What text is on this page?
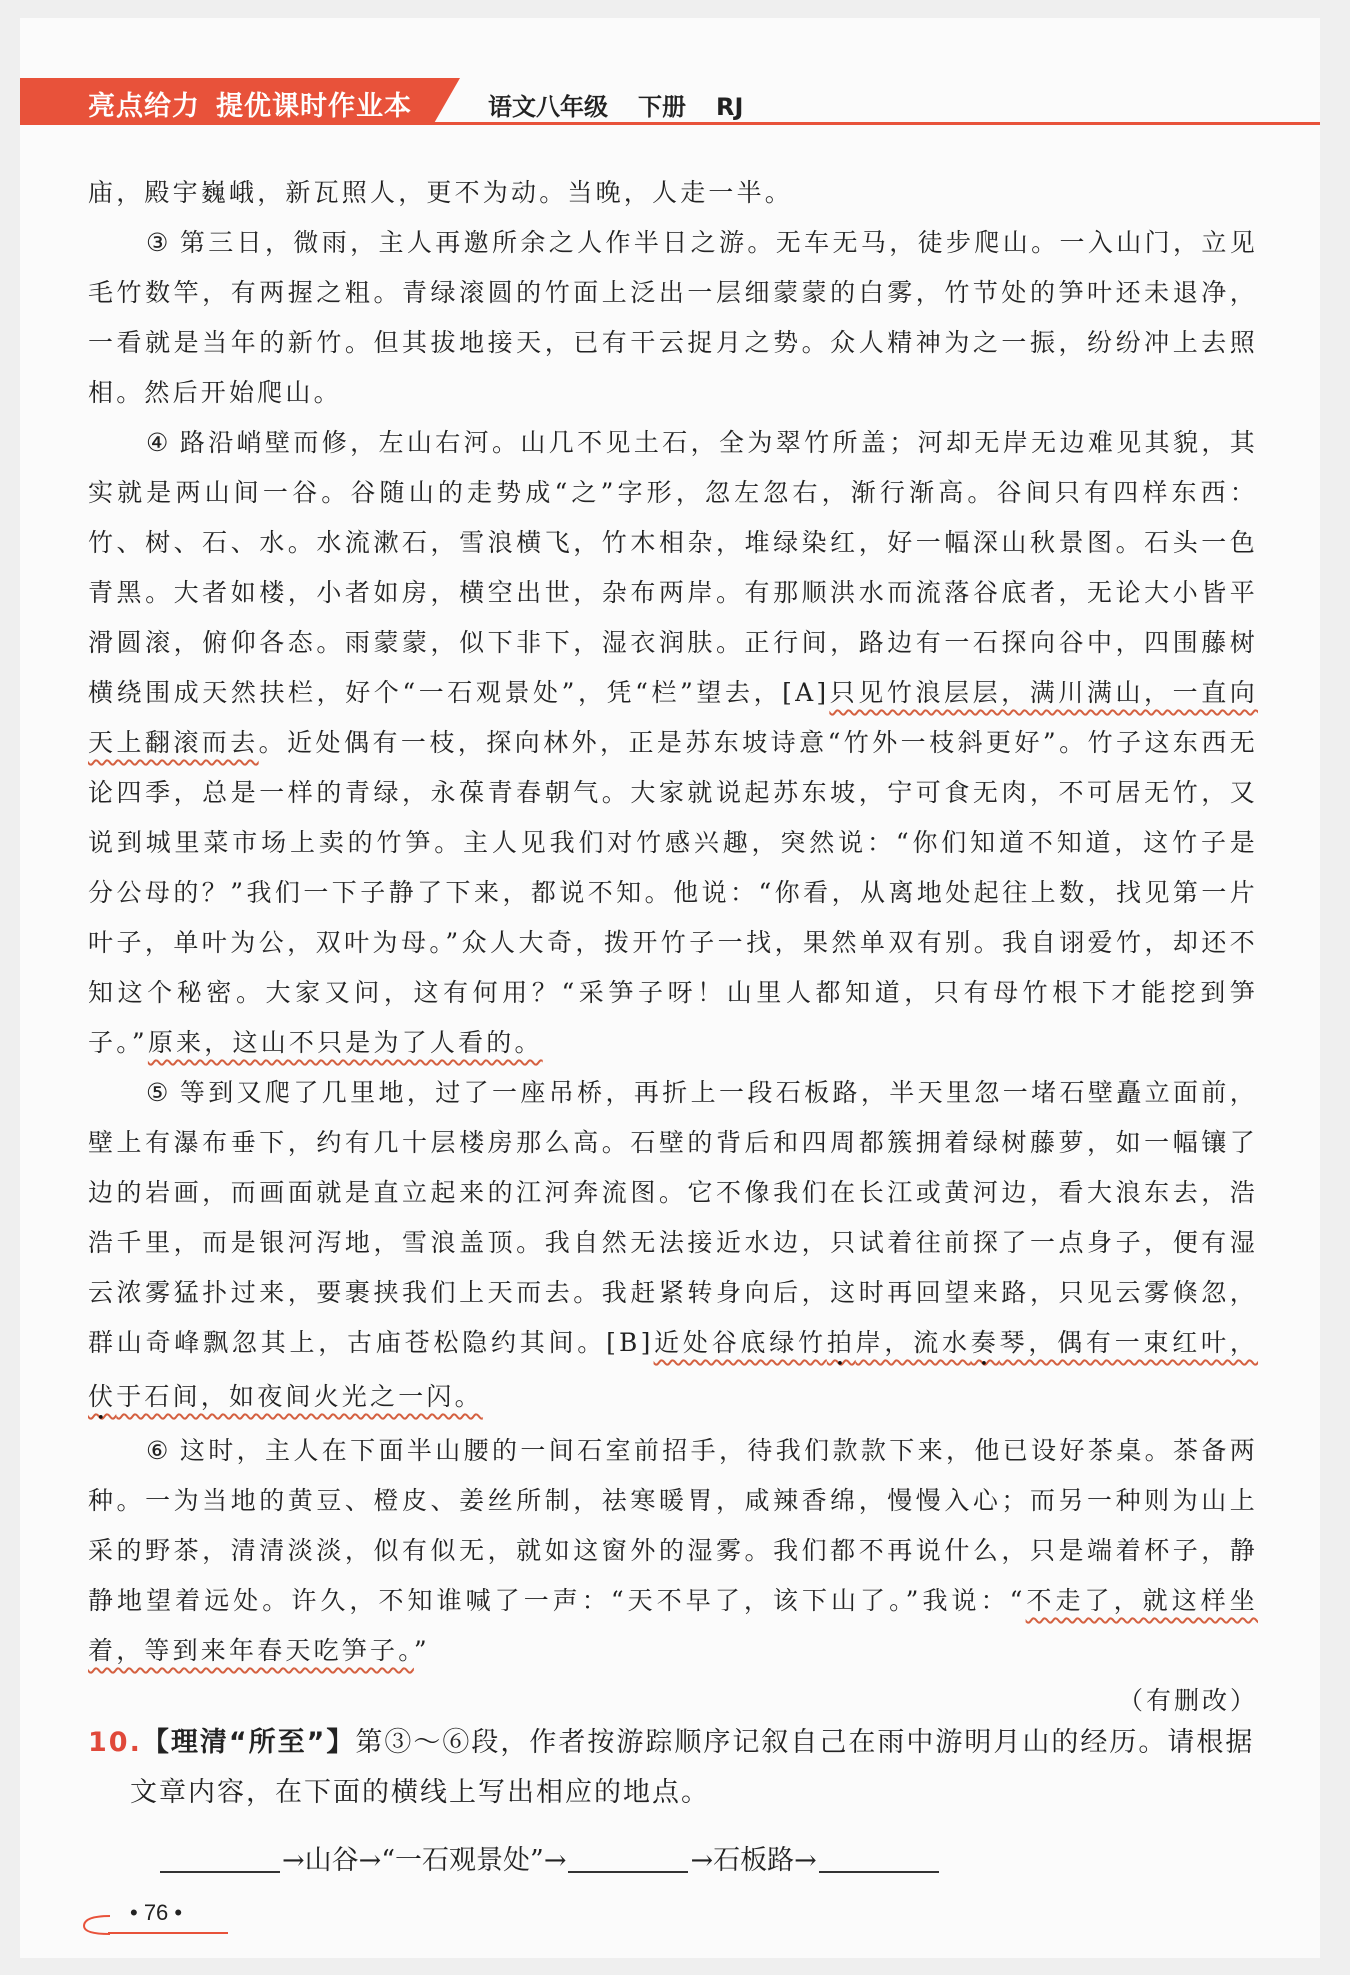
亮点给力 提优课时作业本	语文八年级 下册 RJ

庙，殿宇巍峨，新瓦照人，更不为动。当晚，人走一半。

③ 第三日，微雨，主人再邀所余之人作半日之游。无车无马，徒步爬山。一入山门，立见毛竹数竿，有两握之粗。青绿滚圆的竹面上泛出一层细蒙蒙的白雾，竹节处的笋叶还未退净，一看就是当年的新竹。但其拔地接天，已有干云捉月之势。众人精神为之一振，纷纷冲上去照相。然后开始爬山。

④ 路沿峭壁而修，左山右河。山几不见土石，全为翠竹所盖；河却无岸无边难见其貌，其实就是两山间一谷。谷随山的走势成“之”字形，忽左忽右，渐行渐高。谷间只有四样东西：竹、树、石、水。水流漱石，雪浪横飞，竹木相杂，堆绿染红，好一幅深山秋景图。石头一色青黑。大者如楼，小者如房，横空出世，杂布两岸。有那顺洪水而流落谷底者，无论大小皆平滑圆滚，俯仰各态。雨蒙蒙，似下非下，湿衣润肤。正行间，路边有一石探向谷中，四围藤树横绕围成天然扶栏，好个“一石观景处”，凭“栏”望去，[A]只见竹浪层层，满川满山，一直向天上翻滚而去。近处偶有一枝，探向林外，正是苏东坡诗意“竹外一枝斜更好”。竹子这东西无论四季，总是一样的青绿，永葆青春朝气。大家就说起苏东坡，宁可食无肉，不可居无竹，又说到城里菜市场上卖的竹笋。主人见我们对竹感兴趣，突然说：“你们知道不知道，这竹子是分公母的？”我们一下子静了下来，都说不知。他说：“你看，从离地处起往上数，找见第一片叶子，单叶为公，双叶为母。”众人大奇，拨开竹子一找，果然单双有别。我自诩爱竹，却还不知这个秘密。大家又问，这有何用？“采笋子呀！山里人都知道，只有母竹根下才能挖到笋子。”原来，这山不只是为了人看的。

⑤ 等到又爬了几里地，过了一座吊桥，再折上一段石板路，半天里忽一堵石壁矗立面前，壁上有瀑布垂下，约有几十层楼房那么高。石壁的背后和四周都簇拥着绿树藤萝，如一幅镶了边的岩画，而画面就是直立起来的江河奔流图。它不像我们在长江或黄河边，看大浪东去，浩浩千里，而是银河泻地，雪浪盖顶。我自然无法接近水边，只试着往前探了一点身子，便有湿云浓雾猛扑过来，要裹挟我们上天而去。我赶紧转身向后，这时再回望来路，只见云雾倏忽，群山奇峰飘忽其上，古庙苍松隐约其间。[B]近处谷底绿竹拍岸，流水奏琴，偶有一束红叶，伏于石间，如夜间火光之一闪。

⑥ 这时，主人在下面半山腰的一间石室前招手，待我们款款下来，他已设好茶桌。茶备两种。一为当地的黄豆、橙皮、姜丝所制，祛寒暖胃，咸辣香绵，慢慢入心；而另一种则为山上采的野茶，清清淡淡，似有似无，就如这窗外的湿雾。我们都不再说什么，只是端着杯子，静静地望着远处。许久，不知谁喊了一声：“天不早了，该下山了。”我说：“不走了，就这样坐着，等到来年春天吃笋子。”

（有删改）

10.【理清“所至”】第③～⑥段，作者按游踪顺序记叙自己在雨中游明月山的经历。请根据
文章内容，在下面的横线上写出相应的地点。
→山谷→“一石观景处”→	→石板路→
• 76 •
